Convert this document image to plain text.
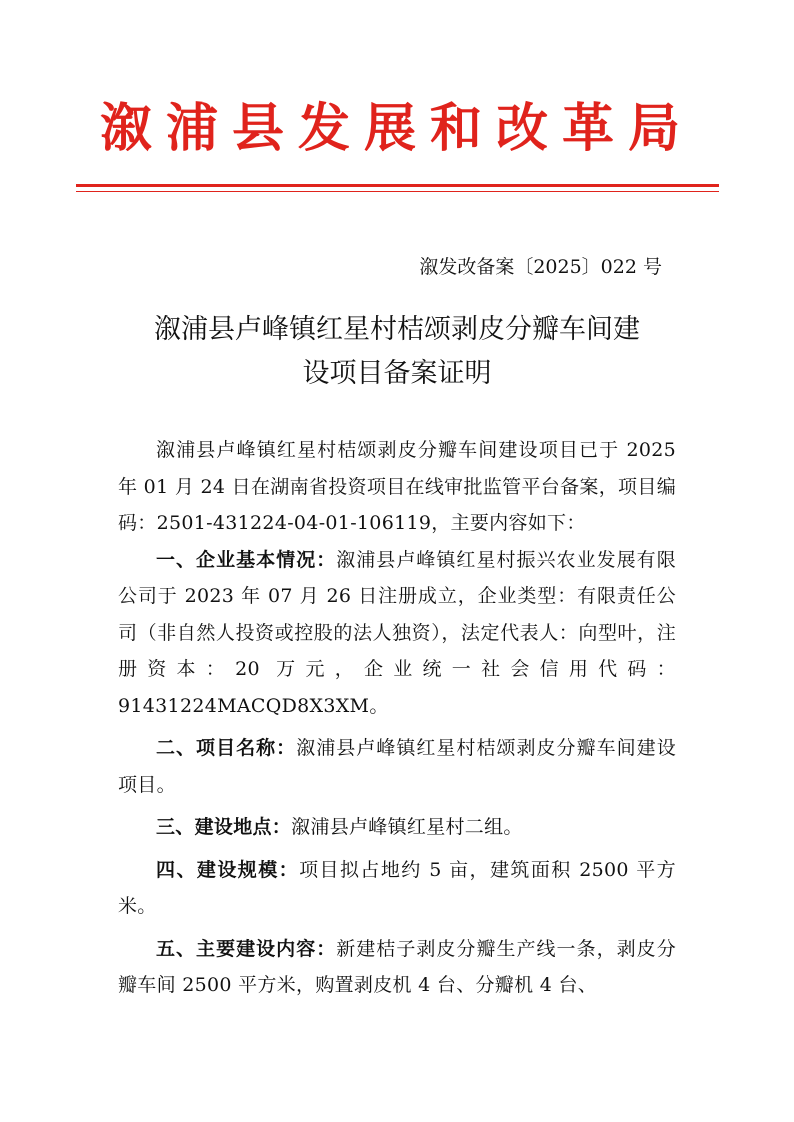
溆浦县发展和改革局
溆发改备案〔2025〕022 号
溆浦县卢峰镇红星村桔颂剥皮分瓣车间建
设项目备案证明

溆浦县卢峰镇红星村桔颂剥皮分瓣车间建设项目已于 2025 年 01 月 24 日在湖南省投资项目在线审批监管平台备案，项目编码：2501-431224-04-01-106119，主要内容如下：

一、企业基本情况：溆浦县卢峰镇红星村振兴农业发展有限公司于 2023 年 07 月 26 日注册成立，企业类型：有限责任公司（非自然人投资或控股的法人独资），法定代表人：向型叶，注册资本：20 万元，企业统一社会信用代码：91431224MACQD8X3XM。

二、项目名称：溆浦县卢峰镇红星村桔颂剥皮分瓣车间建设项目。

三、建设地点：溆浦县卢峰镇红星村二组。

四、建设规模：项目拟占地约 5 亩，建筑面积 2500 平方米。

五、主要建设内容：新建桔子剥皮分瓣生产线一条，剥皮分瓣车间 2500 平方米，购置剥皮机 4 台、分瓣机 4 台、
